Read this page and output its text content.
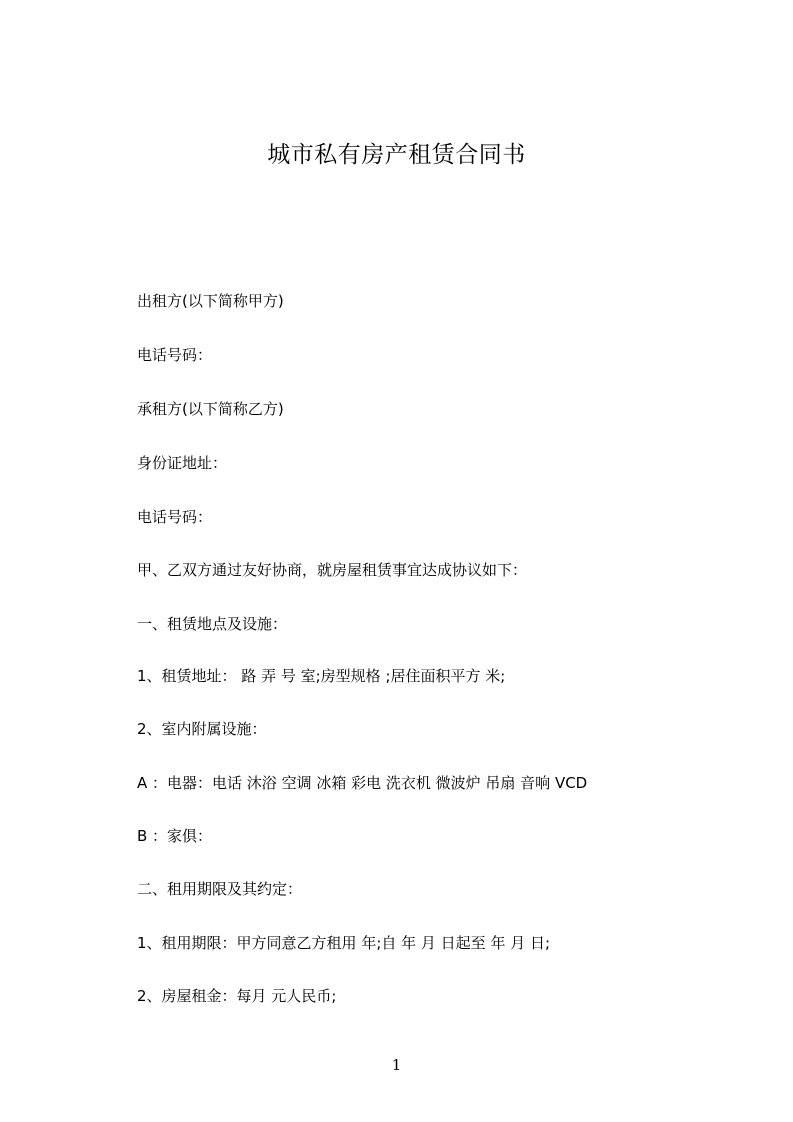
城市私有房产租赁合同书
出租方(以下简称甲方)
电话号码：
承租方(以下简称乙方)
身份证地址：
电话号码：
甲、乙双方通过友好协商，就房屋租赁事宜达成协议如下：
一、租赁地点及设施：
1、租赁地址： 路 弄 号 室;房型规格 ;居住面积平方 米;
2、室内附属设施：
A ：电器：电话 沐浴 空调 冰箱 彩电 洗衣机 微波炉 吊扇 音响 VCD
B ：家俱：
二、租用期限及其约定：
1、租用期限：甲方同意乙方租用 年;自 年 月 日起至 年 月 日;
2、房屋租金：每月 元人民币;
1
